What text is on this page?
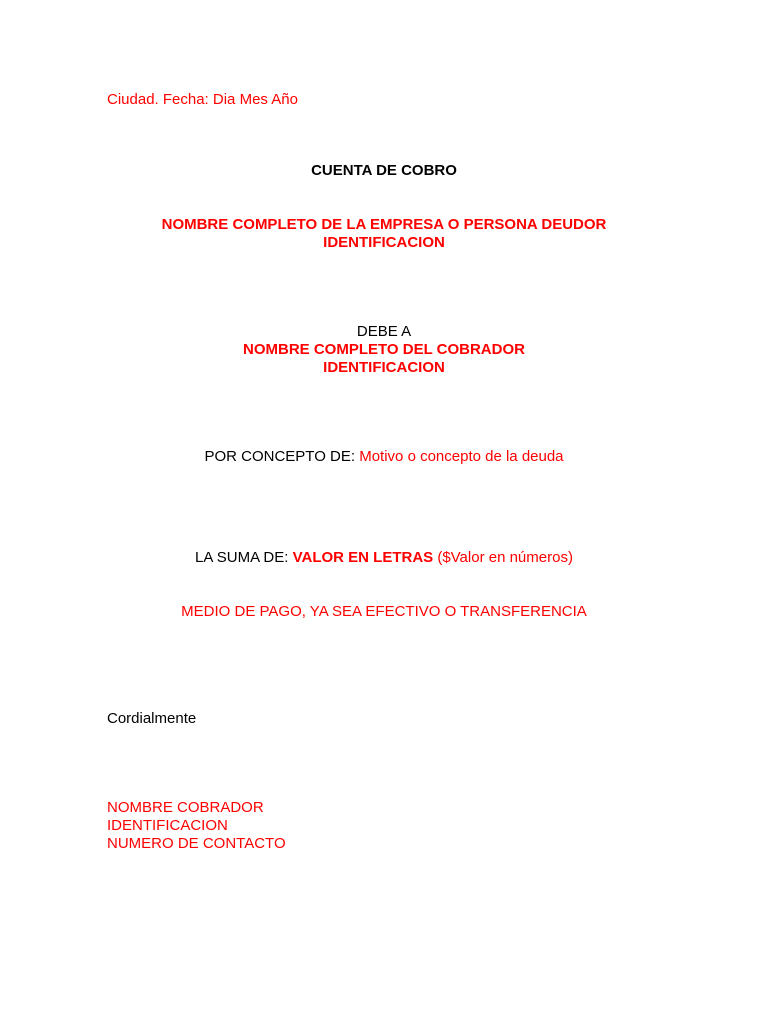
Ciudad. Fecha: Dia Mes Año
CUENTA DE COBRO
NOMBRE COMPLETO DE LA EMPRESA O PERSONA DEUDOR
IDENTIFICACION
DEBE A
NOMBRE COMPLETO DEL COBRADOR
IDENTIFICACION
POR CONCEPTO DE: Motivo o concepto de la deuda
LA SUMA DE: VALOR EN LETRAS ($Valor en números)
MEDIO DE PAGO, YA SEA EFECTIVO O TRANSFERENCIA
Cordialmente
NOMBRE COBRADOR
IDENTIFICACION
NUMERO DE CONTACTO
